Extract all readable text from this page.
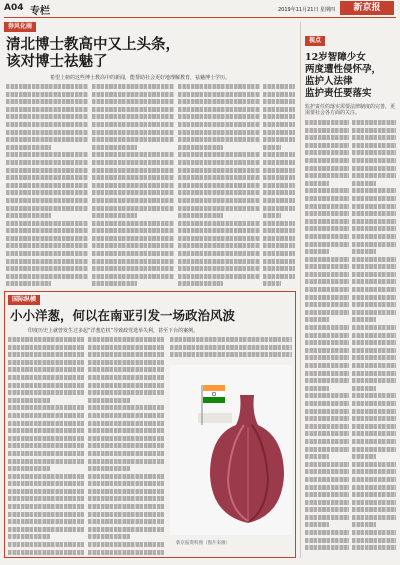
A04 专栏	2019年11月21日 星期四	新京报
券风化雨
清北博士教高中又上头条，
该对博士祛魅了
希望上榜的这些博士教高中的新闻，能帮助社会更好地理解教育，祛魅博士学历。
视点
12岁智障少女
两度遭性侵怀孕，
监护人法律
监护责任要落实
监护责任的落实需要法律制度的完善，更需要社会各方面的关注。
国际纵横
小小洋葱，何以在南亚引发一场政治风波
印度历史上就曾发生过多起“洋葱危机”导致政党选举失利，甚至下台的案例。
新京报资料图（图片来源）
